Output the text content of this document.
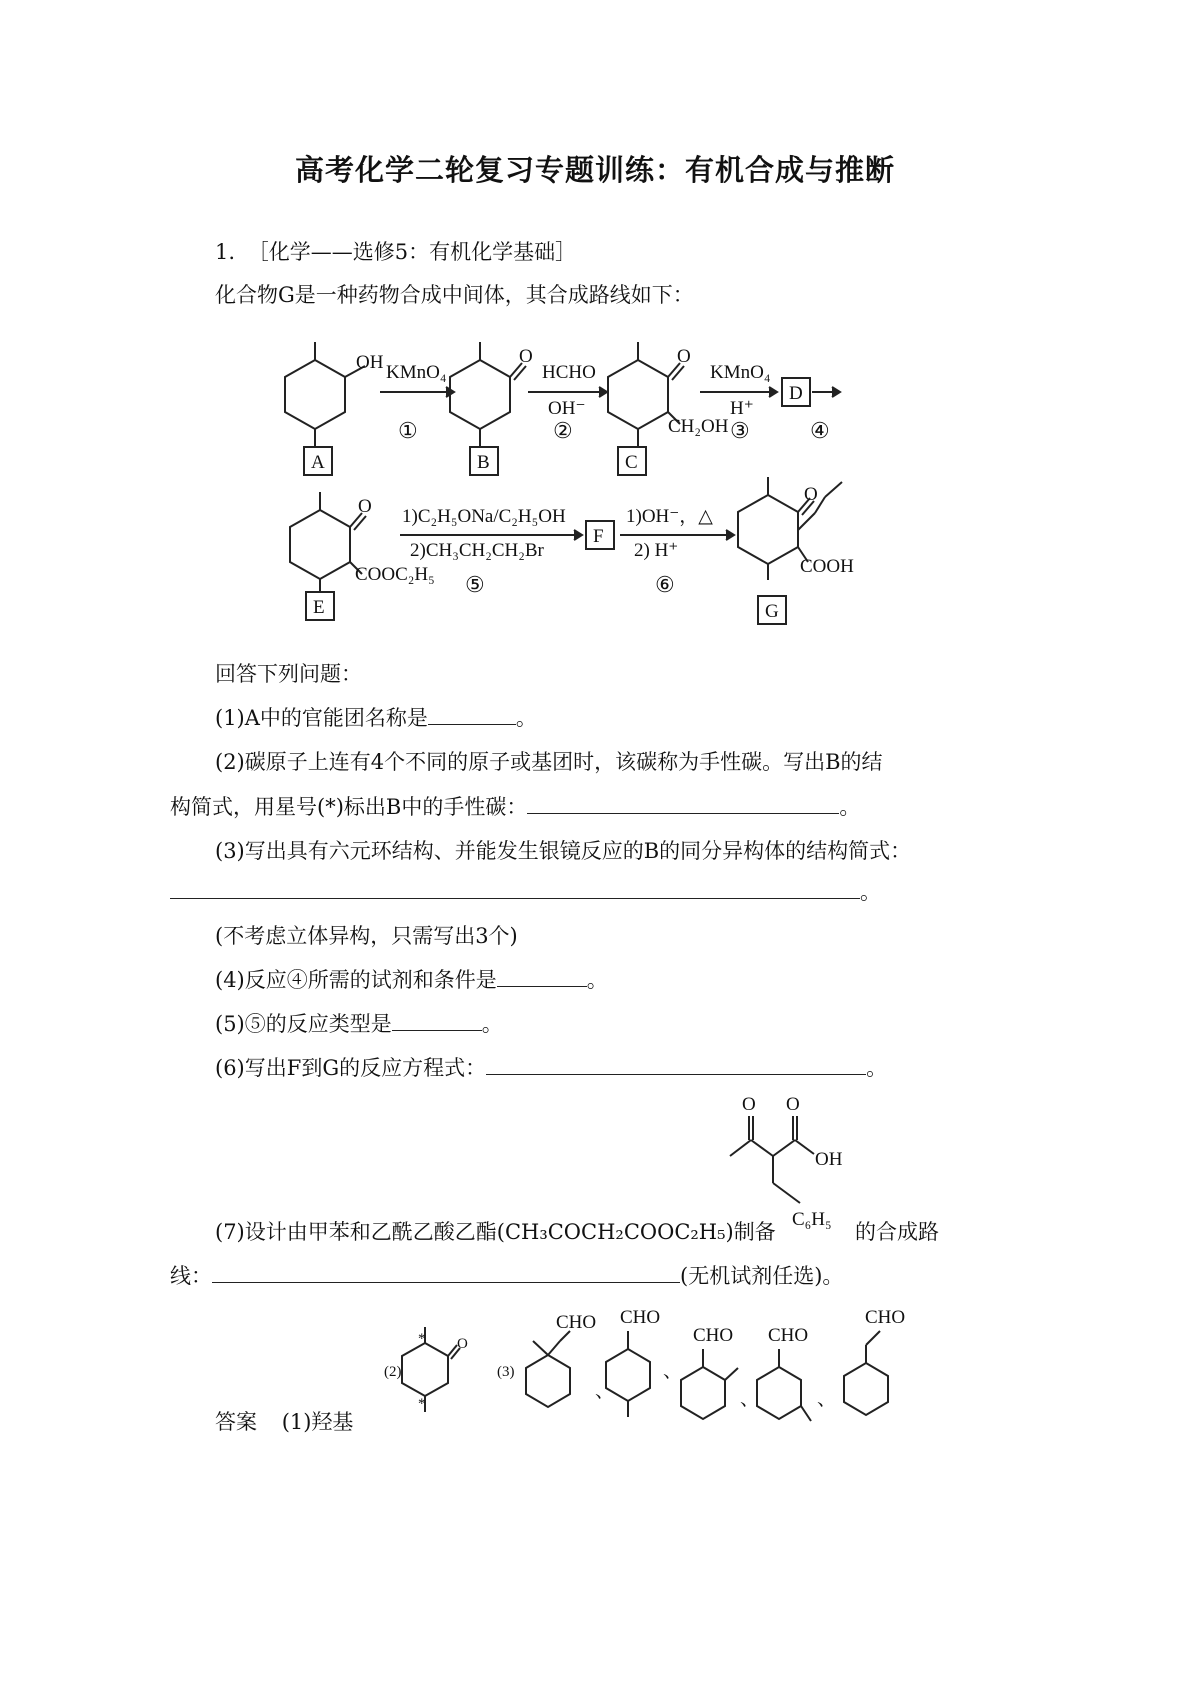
高考化学二轮复习专题训练：有机合成与推断
1. ［化学——选修5：有机化学基础］
化合物G是一种药物合成中间体，其合成路线如下：
OH
A
KMnO₄
①
O
B
HCHO
OH⁻
②
O
CH₂OH
C
KMnO₄
H⁺
③
D
④
O
COOC₂H₅
E
1)C₂H₅ONa/C₂H₅OH
2)CH₃CH₂CH₂Br
⑤
F
1)OH⁻，△
2) H⁺
⑥
O
COOH
G
回答下列问题：
(1)A中的官能团名称是	。
(2)碳原子上连有4个不同的原子或基团时，该碳称为手性碳。写出B的结
构简式，用星号(*)标出B中的手性碳：	。
(3)写出具有六元环结构、并能发生银镜反应的B的同分异构体的结构简式：
。
(不考虑立体异构，只需写出3个)
(4)反应④所需的试剂和条件是	。
(5)⑤的反应类型是	。
(6)写出F到G的反应方程式：	。
O O
OH
C₆H₅
(7)设计由甲苯和乙酰乙酸乙酯(CH₃COCH₂COOC₂H₅)制备	的合成路
线：	(无机试剂任选)。
答案 (1)羟基
(2)
*
*
O
(3)
CHO
、
CHO
、
CHO
、
CHO
、
CHO
